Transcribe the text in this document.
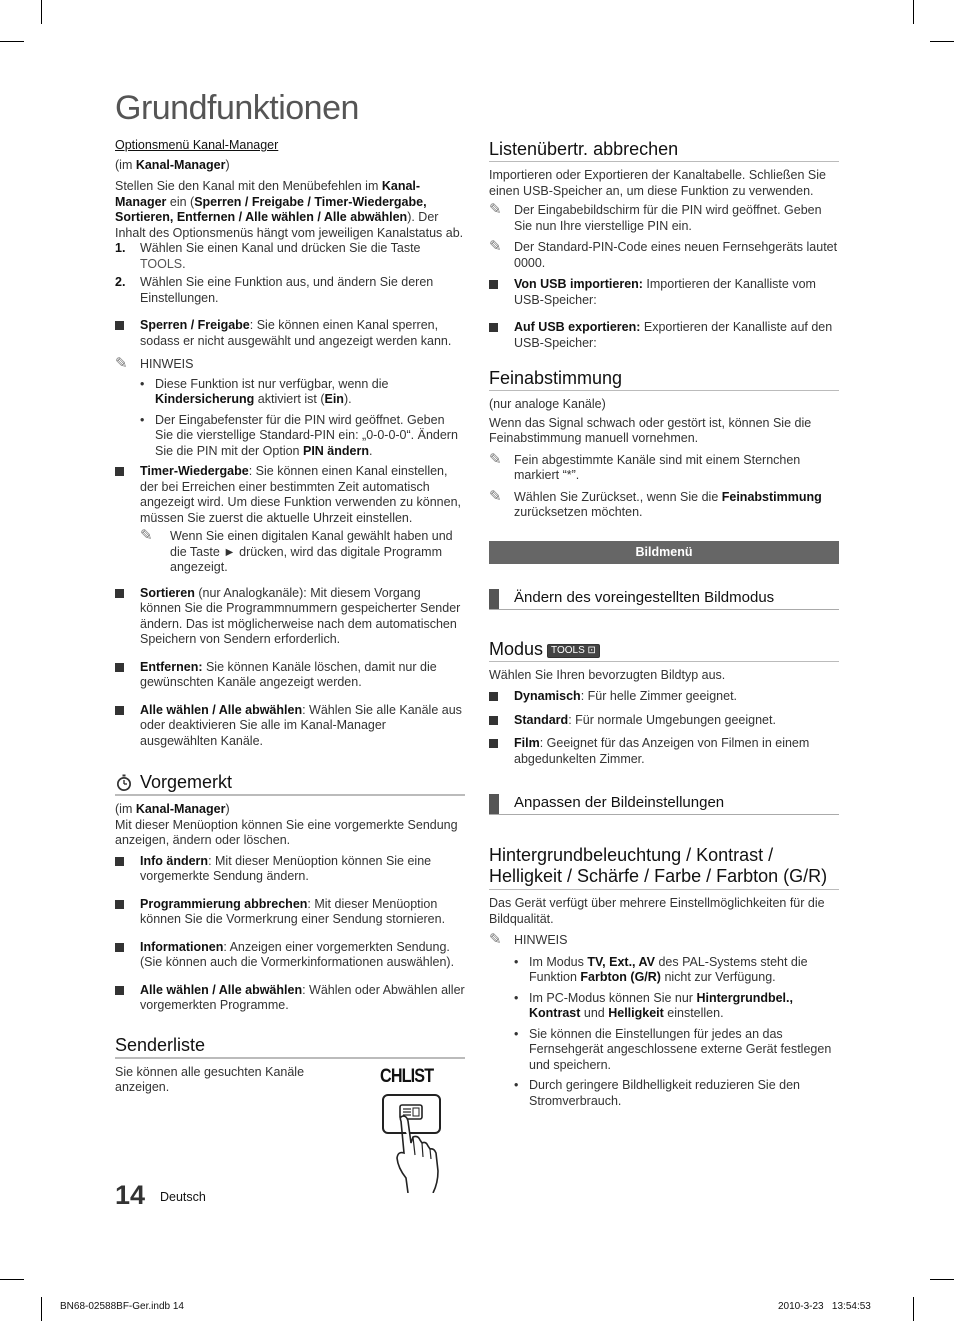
Grundfunktionen

Optionsmenü Kanal-Manager

(im Kanal-Manager)

Stellen Sie den Kanal mit den Menübefehlen im Kanal-Manager ein (Sperren / Freigabe / Timer-Wiedergabe, Sortieren, Entfernen / Alle wählen / Alle abwählen). Der Inhalt des Optionsmenüs hängt vom jeweiligen Kanalstatus ab.

1. Wählen Sie einen Kanal und drücken Sie die Taste TOOLS.
2. Wählen Sie eine Funktion aus, und ändern Sie deren Einstellungen.
Sperren / Freigabe: Sie können einen Kanal sperren, sodass er nicht ausgewählt und angezeigt werden kann.
✎ HINWEIS
• Diese Funktion ist nur verfügbar, wenn die Kindersicherung aktiviert ist (Ein).
• Der Eingabefenster für die PIN wird geöffnet. Geben Sie die vierstellige Standard-PIN ein: „0-0-0-0“. Ändern Sie die PIN mit der Option PIN ändern.
Timer-Wiedergabe: Sie können einen Kanal einstellen, der bei Erreichen einer bestimmten Zeit automatisch angezeigt wird. Um diese Funktion verwenden zu können, müssen Sie zuerst die aktuelle Uhrzeit einstellen.
✎ Wenn Sie einen digitalen Kanal gewählt haben und die Taste ► drücken, wird das digitale Programm angezeigt.
Sortieren (nur Analogkanäle): Mit diesem Vorgang können Sie die Programmnummern gespeicherter Sender ändern. Das ist möglicherweise nach dem automatischen Speichern von Sendern erforderlich.
Entfernen: Sie können Kanäle löschen, damit nur die gewünschten Kanäle angezeigt werden.
Alle wählen / Alle abwählen: Wählen Sie alle Kanäle aus oder deaktivieren Sie alle im Kanal-Manager ausgewählten Kanäle.
Vorgemerkt

(im Kanal-Manager)

Mit dieser Menüoption können Sie eine vorgemerkte Sendung anzeigen, ändern oder löschen.

Info ändern: Mit dieser Menüoption können Sie eine vorgemerkte Sendung ändern.
Programmierung abbrechen: Mit dieser Menüoption können Sie die Vormerkrung einer Sendung stornieren.
Informationen: Anzeigen einer vorgemerkten Sendung. (Sie können auch die Vormerkinformationen auswählen).
Alle wählen / Alle abwählen: Wählen oder Abwählen aller vorgemerkten Programme.
Senderliste

Sie können alle gesuchten Kanäle anzeigen.

CHLIST
Listenübertr. abbrechen

Importieren oder Exportieren der Kanaltabelle. Schließen Sie einen USB-Speicher an, um diese Funktion zu verwenden.

✎ Der Eingabebildschirm für die PIN wird geöffnet. Geben Sie nun Ihre vierstellige PIN ein.
✎ Der Standard-PIN-Code eines neuen Fernsehgeräts lautet 0000.
Von USB importieren: Importieren der Kanalliste vom USB-Speicher:
Auf USB exportieren: Exportieren der Kanalliste auf den USB-Speicher:
Feinabstimmung

(nur analoge Kanäle)

Wenn das Signal schwach oder gestört ist, können Sie die Feinabstimmung manuell vornehmen.

✎ Fein abgestimmte Kanäle sind mit einem Sternchen markiert “*”.
✎ Wählen Sie Zurückset., wenn Sie die Feinabstimmung zurücksetzen möchten.
Bildmenü
Ändern des voreingestellten Bildmodus
Modus TOOLS ⊡

Wählen Sie Ihren bevorzugten Bildtyp aus.

Dynamisch: Für helle Zimmer geeignet.
Standard: Für normale Umgebungen geeignet.
Film: Geeignet für das Anzeigen von Filmen in einem abgedunkelten Zimmer.
Anpassen der Bildeinstellungen
Hintergrundbeleuchtung / Kontrast / Helligkeit / Schärfe / Farbe / Farbton (G/R)

Das Gerät verfügt über mehrere Einstellmöglichkeiten für die Bildqualität.

✎ HINWEIS
• Im Modus TV, Ext., AV des PAL-Systems steht die Funktion Farbton (G/R) nicht zur Verfügung.
• Im PC-Modus können Sie nur Hintergrundbel., Kontrast und Helligkeit einstellen.
• Sie können die Einstellungen für jedes an das Fernsehgerät angeschlossene externe Gerät festlegen und speichern.
• Durch geringere Bildhelligkeit reduzieren Sie den Stromverbrauch.
14 Deutsch
BN68-02588BF-Ger.indb 14	2010-3-23   13:54:53
